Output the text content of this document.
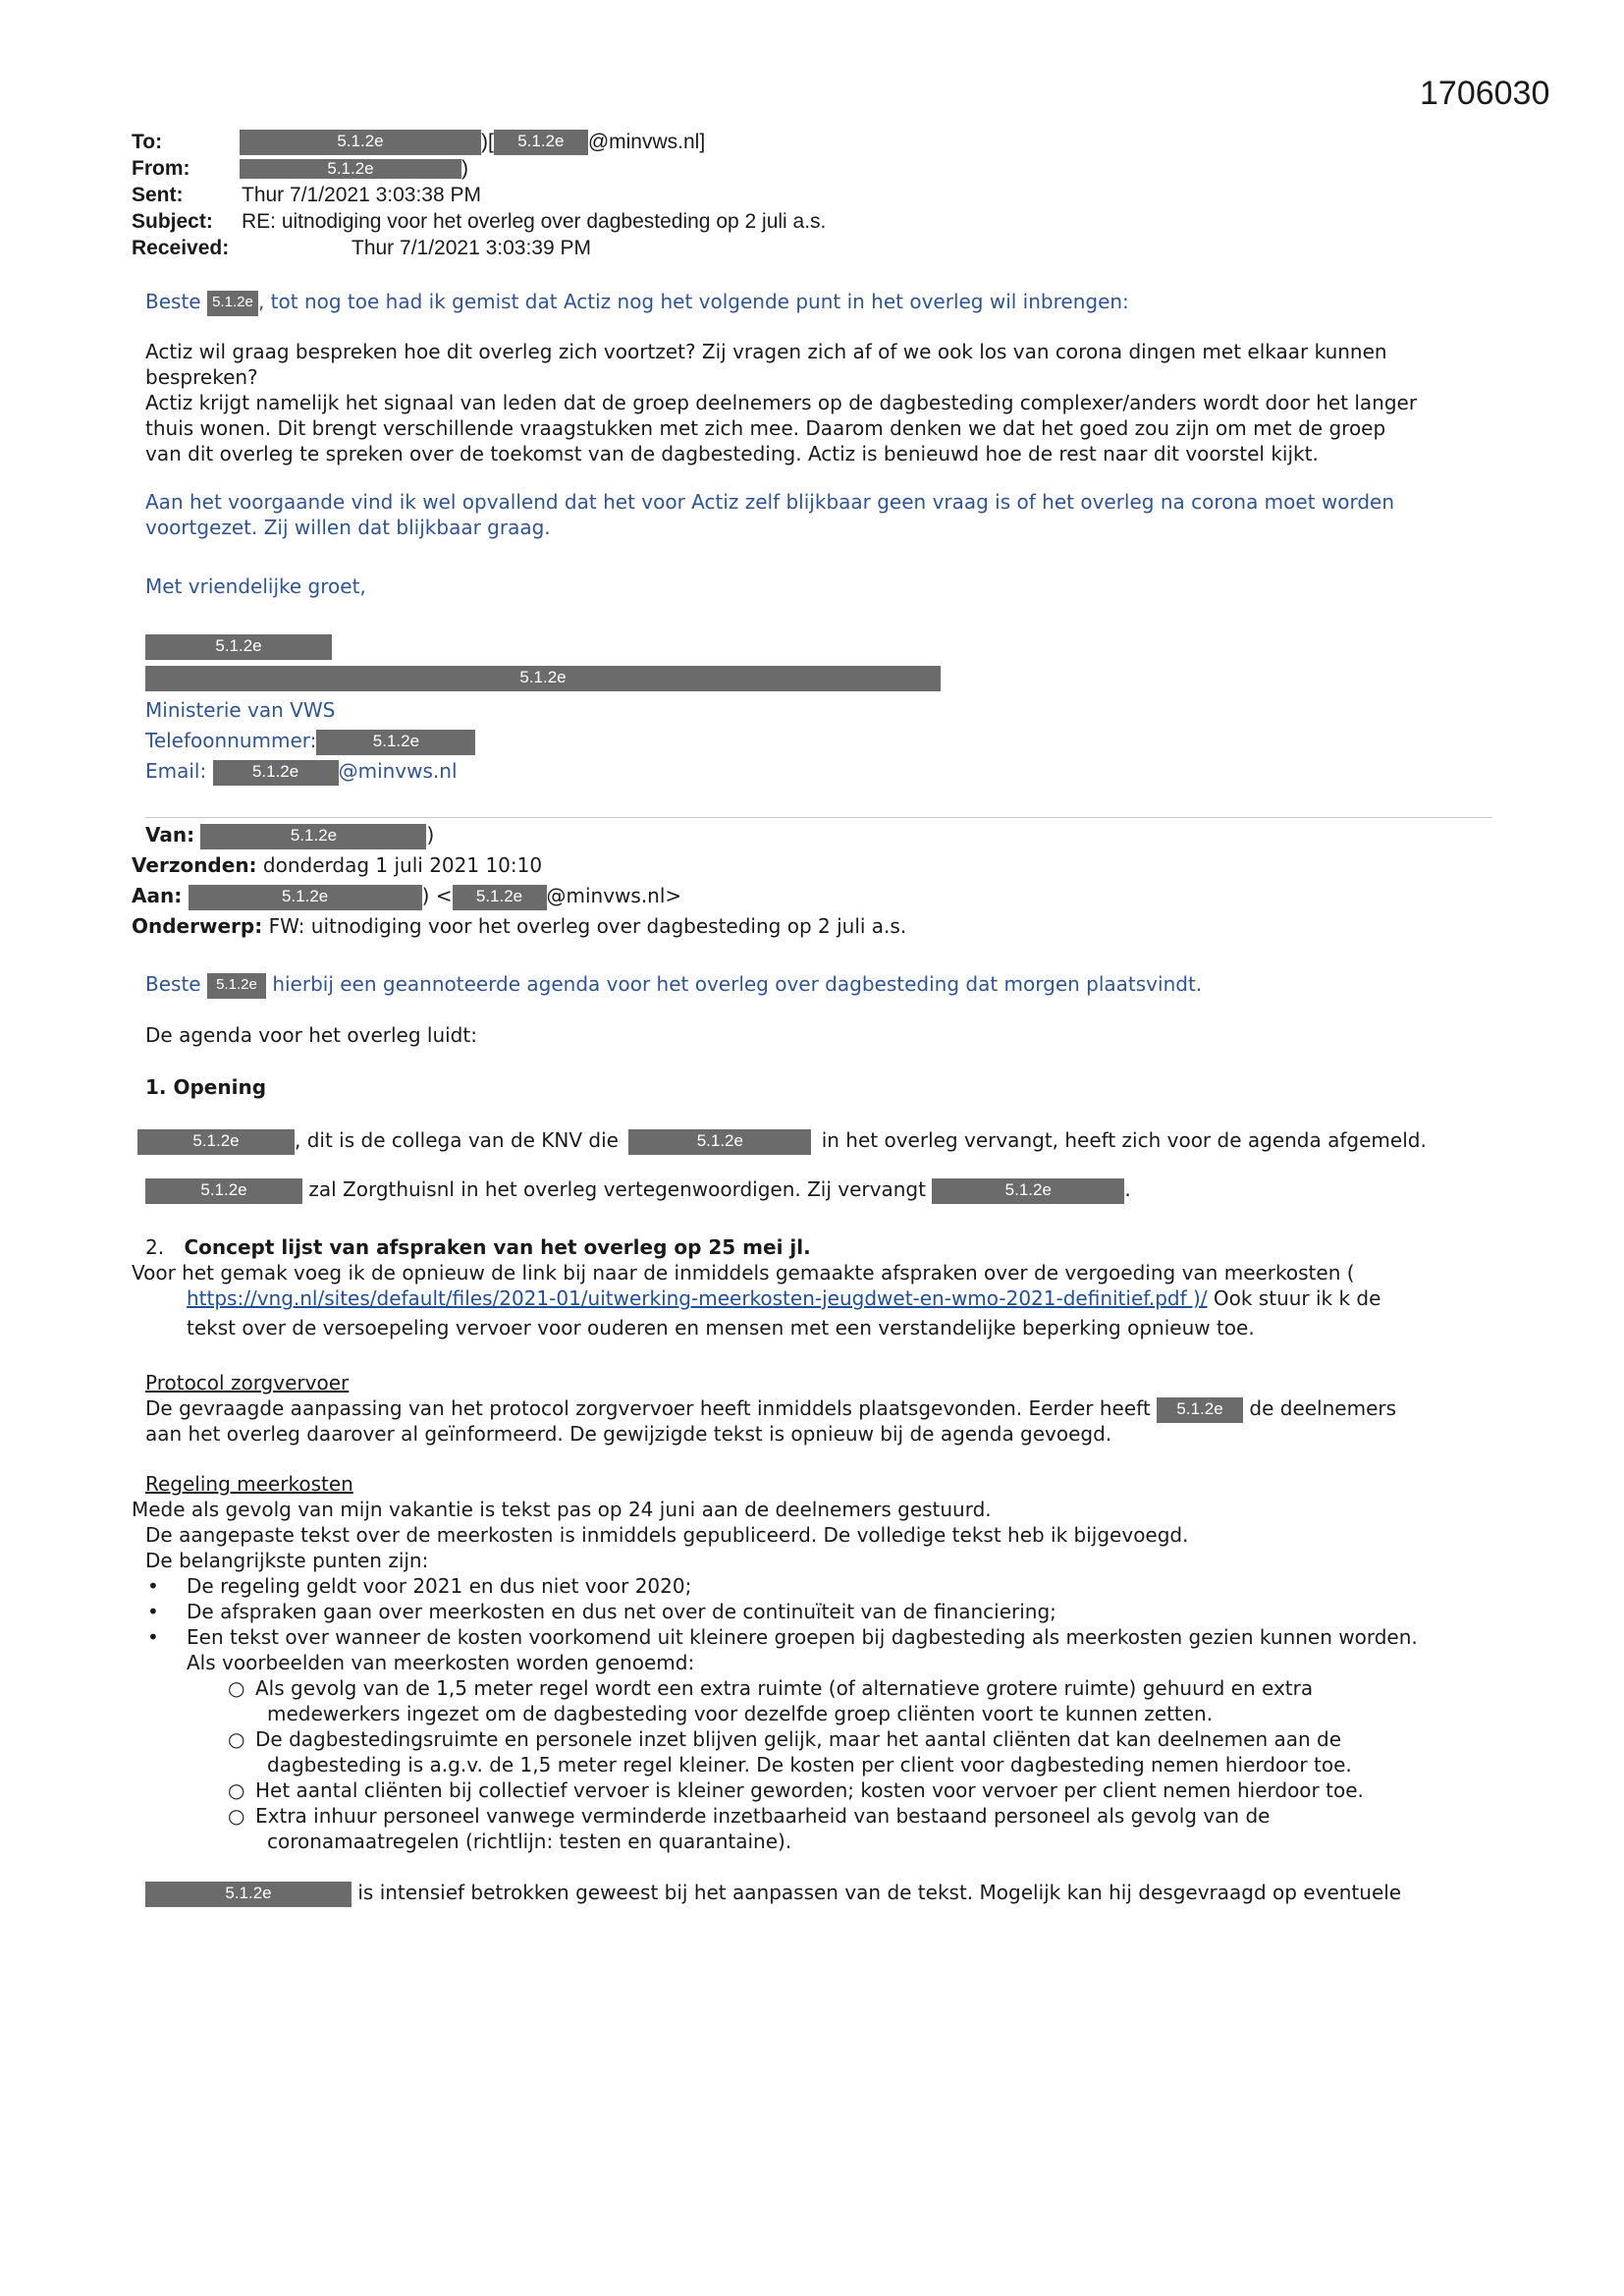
1706030
To:	5.1.2e	)[ 5.1.2e @minvws.nl]
From:	5.1.2e	)
Sent:	Thur 7/1/2021 3:03:38 PM
Subject: RE: uitnodiging voor het overleg over dagbesteding op 2 juli a.s.
Received:	Thur 7/1/2021 3:03:39 PM
Beste 5.1.2e , tot nog toe had ik gemist dat Actiz nog het volgende punt in het overleg wil inbrengen:
Actiz wil graag bespreken hoe dit overleg zich voortzet? Zij vragen zich af of we ook los van corona dingen met elkaar kunnen
bespreken?
Actiz krijgt namelijk het signaal van leden dat de groep deelnemers op de dagbesteding complexer/anders wordt door het langer
thuis wonen. Dit brengt verschillende vraagstukken met zich mee. Daarom denken we dat het goed zou zijn om met de groep
van dit overleg te spreken over de toekomst van de dagbesteding. Actiz is benieuwd hoe de rest naar dit voorstel kijkt.
Aan het voorgaande vind ik wel opvallend dat het voor Actiz zelf blijkbaar geen vraag is of het overleg na corona moet worden
voortgezet. Zij willen dat blijkbaar graag.
Met vriendelijke groet,
5.1.2e
5.1.2e
Ministerie van VWS
Telefoonnummer:	5.1.2e
Email:	5.1.2e @minvws.nl
Van:	5.1.2e	)
Verzonden: donderdag 1 juli 2021 10:10
Aan:	5.1.2e	) < 5.1.2e @minvws.nl>
Onderwerp: FW: uitnodiging voor het overleg over dagbesteding op 2 juli a.s.
Beste 5.1.2e hierbij een geannoteerde agenda voor het overleg over dagbesteding dat morgen plaatsvindt.
De agenda voor het overleg luidt:
1. Opening
5.1.2e	, dit is de collega van de KNV die	5.1.2e	in het overleg vervangt, heeft zich voor de agenda afgemeld.
5.1.2e	zal Zorgthuisnl in het overleg vertegenwoordigen. Zij vervangt	5.1.2e	.
2. Concept lijst van afspraken van het overleg op 25 mei jl.
Voor het gemak voeg ik de opnieuw de link bij naar de inmiddels gemaakte afspraken over de vergoeding van meerkosten (
https://vng.nl/sites/default/files/2021-01/uitwerking-meerkosten-jeugdwet-en-wmo-2021-definitief.pdf )/ Ook stuur ik k de
tekst over de versoepeling vervoer voor ouderen en mensen met een verstandelijke beperking opnieuw toe.
Protocol zorgvervoer
De gevraagde aanpassing van het protocol zorgvervoer heeft inmiddels plaatsgevonden. Eerder heeft 5.1.2e de deelnemers
aan het overleg daarover al geïnformeerd. De gewijzigde tekst is opnieuw bij de agenda gevoegd.
Regeling meerkosten
Mede als gevolg van mijn vakantie is tekst pas op 24 juni aan de deelnemers gestuurd.
De aangepaste tekst over de meerkosten is inmiddels gepubliceerd. De volledige tekst heb ik bijgevoegd.
De belangrijkste punten zijn:
• De regeling geldt voor 2021 en dus niet voor 2020;
• De afspraken gaan over meerkosten en dus net over de continuïteit van de financiering;
• Een tekst over wanneer de kosten voorkomend uit kleinere groepen bij dagbesteding als meerkosten gezien kunnen worden.
Als voorbeelden van meerkosten worden genoemd:
○ Als gevolg van de 1,5 meter regel wordt een extra ruimte (of alternatieve grotere ruimte) gehuurd en extra
medewerkers ingezet om de dagbesteding voor dezelfde groep cliënten voort te kunnen zetten.
○ De dagbestedingsruimte en personele inzet blijven gelijk, maar het aantal cliënten dat kan deelnemen aan de
dagbesteding is a.g.v. de 1,5 meter regel kleiner. De kosten per client voor dagbesteding nemen hierdoor toe.
○ Het aantal cliënten bij collectief vervoer is kleiner geworden; kosten voor vervoer per client nemen hierdoor toe.
○ Extra inhuur personeel vanwege verminderde inzetbaarheid van bestaand personeel als gevolg van de
coronamaatregelen (richtlijn: testen en quarantaine).
5.1.2e	is intensief betrokken geweest bij het aanpassen van de tekst. Mogelijk kan hij desgevraagd op eventuele
